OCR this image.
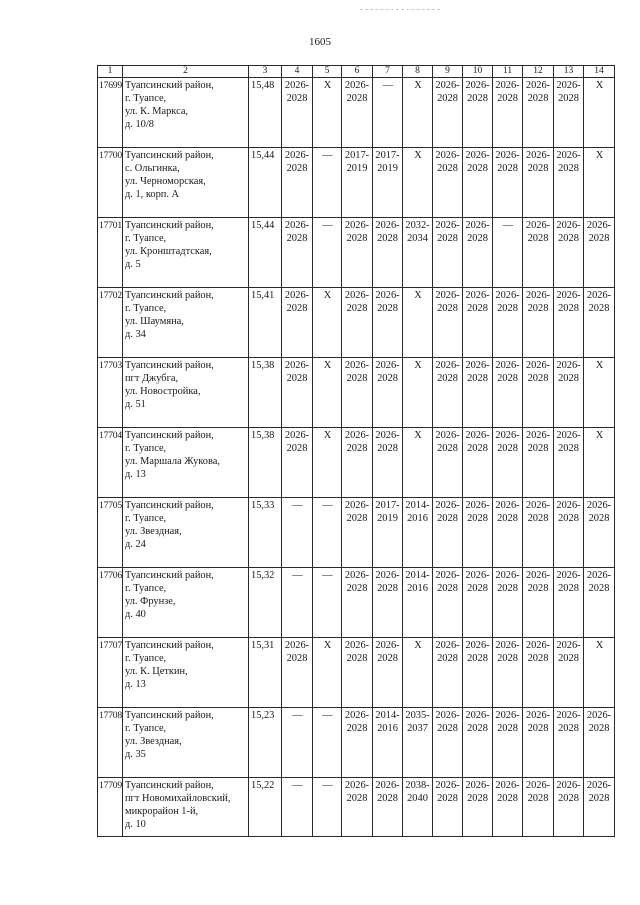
1605
1	2	3	4	5	6	7	8	9	10	11	12	13	14
17699	Туапсинский район,
г. Туапсе,
ул. К. Маркса,
д. 10/8	15,48	2026-
2028	X	2026-
2028	—	X	2026-
2028	2026-
2028	2026-
2028	2026-
2028	2026-
2028	X
17700	Туапсинский район,
с. Ольгинка,
ул. Черноморская,
д. 1, корп. А	15,44	2026-
2028	—	2017-
2019	2017-
2019	X	2026-
2028	2026-
2028	2026-
2028	2026-
2028	2026-
2028	X
17701	Туапсинский район,
г. Туапсе,
ул. Кронштадтская,
д. 5	15,44	2026-
2028	—	2026-
2028	2026-
2028	2032-
2034	2026-
2028	2026-
2028	—	2026-
2028	2026-
2028	2026-
2028

17702	Туапсинский район,
г. Туапсе,
ул. Шаумяна,
д. 34	15,41	2026-
2028	X	2026-
2028	2026-
2028	X	2026-
2028	2026-
2028	2026-
2028	2026-
2028	2026-
2028	2026-
2028

17703	Туапсинский район,
пгт Джубга,
ул. Новостройка,
д. 51	15,38	2026-
2028	X	2026-
2028	2026-
2028	X	2026-
2028	2026-
2028	2026-
2028	2026-
2028	2026-
2028	X
17704	Туапсинский район,
г. Туапсе,
ул. Маршала Жукова,
д. 13	15,38	2026-
2028	X	2026-
2028	2026-
2028	X	2026-
2028	2026-
2028	2026-
2028	2026-
2028	2026-
2028	X
17705	Туапсинский район,
г. Туапсе,
ул. Звездная,
д. 24	15,33	—	—	2026-
2028	2017-
2019	2014-
2016	2026-
2028	2026-
2028	2026-
2028	2026-
2028	2026-
2028	2026-
2028

17706	Туапсинский район,
г. Туапсе,
ул. Фрунзе,
д. 40	15,32	—	—	2026-
2028	2026-
2028	2014-
2016	2026-
2028	2026-
2028	2026-
2028	2026-
2028	2026-
2028	2026-
2028

17707	Туапсинский район,
г. Туапсе,
ул. К. Цеткин,
д. 13	15,31	2026-
2028	X	2026-
2028	2026-
2028	X	2026-
2028	2026-
2028	2026-
2028	2026-
2028	2026-
2028	X
17708	Туапсинский район,
г. Туапсе,
ул. Звездная,
д. 35	15,23	—	—	2026-
2028	2014-
2016	2035-
2037	2026-
2028	2026-
2028	2026-
2028	2026-
2028	2026-
2028	2026-
2028

17709	Туапсинский район,
пгт Новомихайловский,
микрорайон 1-й,
д. 10	15,22	—	—	2026-
2028	2026-
2028	2038-
2040	2026-
2028	2026-
2028	2026-
2028	2026-
2028	2026-
2028	2026-
2028
